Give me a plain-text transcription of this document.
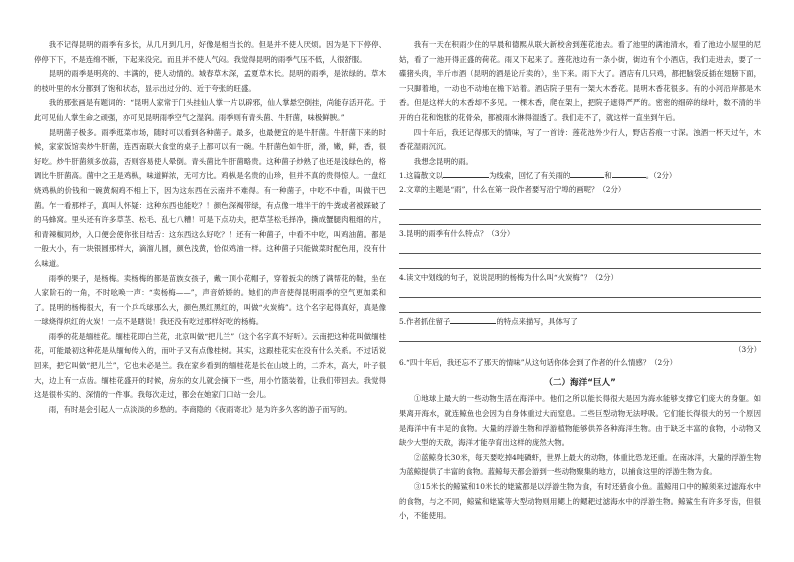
我不记得昆明的雨季有多长，从几月到几月，好像是相当长的。但是并不使人厌烦。因为是下下停停、停停下下，不是连绵不断，下起来没完。而且并不使人气闷。我觉得昆明的雨季气压不低，人很舒服。

昆明的雨季是明亮的、丰满的，使人动情的。城春草木深，孟夏草木长。昆明的雨季，是浓绿的。草木的枝叶里的水分都到了饱和状态，显示出过分的、近于夸张的旺盛。

我的那张画是有题词的：“昆明人家常于门头挂仙人掌一片以辟邪，仙人掌悬空倒挂，尚能存活开花。于此可见仙人掌生命之顽强，亦可见昆明雨季空气之湿润。雨季则有青头菌、牛肝菌，味极鲜腴。”

昆明菌子极多。雨季逛菜市场，随时可以看到各种菌子。最多，也最便宜的是牛肝菌。牛肝菌下来的时候，家家饭馆卖炒牛肝菌，连西南联大食堂的桌子上都可以有一碗。牛肝菌色如牛肝，滑，嫩，鲜，香，很好吃。炒牛肝菌须多放蒜，否则容易使人晕倒。青头菌比牛肝菌略贵。这种菌子炒熟了也还是浅绿色的，格调比牛肝菌高。菌中之王是鸡枞，味道鲜浓，无可方比。鸡枞是名贵的山珍，但并不真的贵得惊人。一盘红烧鸡枞的价钱和一碗黄焖鸡不相上下，因为这东西在云南并不难得。有一种菌子，中吃不中看，叫做干巴菌。乍一看那样子，真叫人怀疑：这种东西也能吃？！颜色深褐带绿，有点像一堆半干的牛粪或者被踩破了的马蜂窝。里头还有许多草茎、松毛、乱七八糟！可是下点功夫，把草茎松毛择净，撕成蟹腿肉粗细的片，和青辣椒同炒，入口便会使你张目结舌：这东西这么好吃？！还有一种菌子，中看不中吃，叫鸡油菌。都是一般大小，有一块银圆那样大，滴溜儿圆，颜色浅黄，恰似鸡油一样。这种菌子只能做菜时配色用，没有什么味道。

雨季的果子，是杨梅。卖杨梅的都是苗族女孩子，戴一顶小花帽子，穿着扳尖的绣了满帮花的鞋，坐在人家阶石的一角，不时吆唤一声：“卖杨梅——”，声音娇娇的。她们的声音使得昆明雨季的空气更加柔和了。昆明的杨梅很大，有一个乒乓球那么大，颜色黑红黑红的，叫做“火炭梅”。这个名字起得真好，真是像一球烧得炽红的火炭！一点不是瞎说！我还没有吃过那样好吃的杨梅。

雨季的花是缅桂花。缅桂花即白兰花，北京叫做“把儿兰”（这个名字真不好听）。云南把这种花叫做缅桂花，可能最初这种花是从缅甸传入的，而叶子又有点像桂树。其实，这跟桂花实在没有什么关系。不过话说回来，把它叫做“把儿兰”，它也未必是兰。我在家乡看到的缅桂花是长在山坡上的，二乔木，高大，叶子很大，边上有一点齿。缅桂花盛开的时候，房东的女儿就会摘下一些，用小竹篮装着，让我们带回去。我觉得这是很朴实的、深情的一件事。我每次走过，都会在她家门口站一会儿。

雨，有时是会引起人一点淡淡的乡愁的。李商隐的《夜雨寄北》是为许多久客的游子而写的。

我有一天在积雨少住的早晨和德熙从联大新校舍到莲花池去。看了池里的满池清水，看了池边小屋里的尼姑，看了一池开得正盛的荷花。雨又下起来了。莲花池边有一条小街，街边有个小酒店，我们走进去，要了一碟猪头肉，半斤市酒（昆明的酒是论斤卖的），坐下来。雨下大了。酒店有几只鸡，都把脑袋反插在翅膀下面，一只脚着地，一动也不动地在檐下站着。酒店院子里有一架大木香花。昆明木香花很多。有的小河沿岸都是木香。但是这样大的木香却不多见。一棵木香，爬在架上，把院子遮得严严的。密密的细碎的绿叶，数不清的半开的白花和饱胀的花骨朵，都被雨水淋得湿透了。我们走不了，就这样一直坐到午后。

四十年后，我还记得那天的情味，写了一首诗：莲花池外少行人，野店苔痕一寸深。浊酒一杯天过午，木香花湿雨沉沉。

我想念昆明的雨。

1.这篇散文以	为线索，回忆了有关雨的	和	。（2分）

2.文章的主题是“雨”，什么在第一段作者要写沿宁埠的画呢？（2分）

3.昆明的雨季有什么特点？（3分）

4.读文中划线的句子，说说昆明的杨梅为什么叫“火炭梅”？（2分）

5.作者抓住留子	的特点来描写，具体写了

（3分）

6.“四十年后，我还忘不了那天的情味”从这句话你体会到了作者的什么情感？（2分）

（二）海洋“巨人”

①地球上最大的一些动物生活在海洋中。他们之所以能长得很大是因为海水能够支撑它们庞大的身躯。如果离开海水，就连鲸鱼也会因为自身体重过大而窒息。二些巨型动物无法呼吸。它们能长得很大的另一个原因是海洋中有丰足的食物。大量的浮游生物和浮游植物能够供养各种海洋生物。由于缺乏丰富的食物，小动物又缺少大型的天敌，海洋才能孕育出这样的庞然大物。

②蓝鲸身长30米，每天要吃掉4吨磷虾，世界上最大的动物，体重比恐龙还重。在南冰洋，大量的浮游生物为蓝鲸提供了丰富的食物。蓝鲸每天都会游到一些动物聚集的地方，以捕食这里的浮游生物为食。

③15米长的鲸鲨和10米长的姥鲨都是以浮游生物为食，有时还猎食小鱼。蓝鲸用口中的鲸须来过滤海水中的食物，与之不同，鲸鲨和姥鲨等大型动物则用鳃上的鳃耙过滤海水中的浮游生物。鲸鲨生有许多牙齿，但很小，不能使用。
